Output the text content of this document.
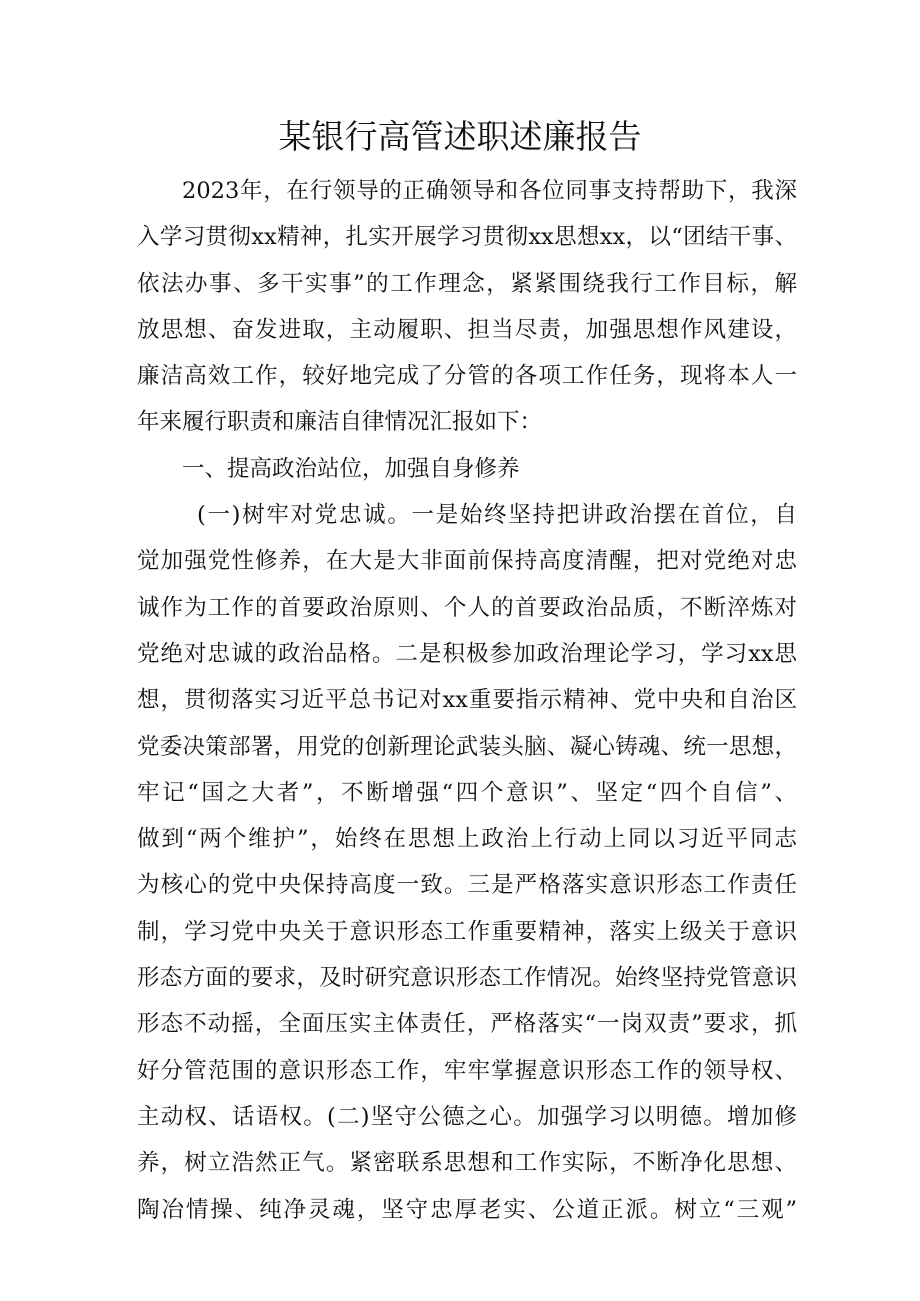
某银行高管述职述廉报告
2023年，在行领导的正确领导和各位同事支持帮助下，我深
入学习贯彻xx精神，扎实开展学习贯彻xx思想xx，以“团结干事、
依法办事、多干实事”的工作理念，紧紧围绕我行工作目标，解
放思想、奋发进取，主动履职、担当尽责，加强思想作风建设，
廉洁高效工作，较好地完成了分管的各项工作任务，现将本人一
年来履行职责和廉洁自律情况汇报如下：
一、提高政治站位，加强自身修养
(一)树牢对党忠诚。一是始终坚持把讲政治摆在首位，自
觉加强党性修养，在大是大非面前保持高度清醒，把对党绝对忠
诚作为工作的首要政治原则、个人的首要政治品质，不断淬炼对
党绝对忠诚的政治品格。二是积极参加政治理论学习，学习xx思
想，贯彻落实习近平总书记对xx重要指示精神、党中央和自治区
党委决策部署，用党的创新理论武装头脑、凝心铸魂、统一思想，
牢记“国之大者”，不断增强“四个意识”、坚定“四个自信”、
做到“两个维护”，始终在思想上政治上行动上同以习近平同志
为核心的党中央保持高度一致。三是严格落实意识形态工作责任
制，学习党中央关于意识形态工作重要精神，落实上级关于意识
形态方面的要求，及时研究意识形态工作情况。始终坚持党管意识
形态不动摇，全面压实主体责任，严格落实“一岗双责”要求，抓
好分管范围的意识形态工作，牢牢掌握意识形态工作的领导权、
主动权、话语权。(二)坚守公德之心。加强学习以明德。增加修
养，树立浩然正气。紧密联系思想和工作实际，不断净化思想、
陶冶情操、纯净灵魂，坚守忠厚老实、公道正派。树立“三观”
